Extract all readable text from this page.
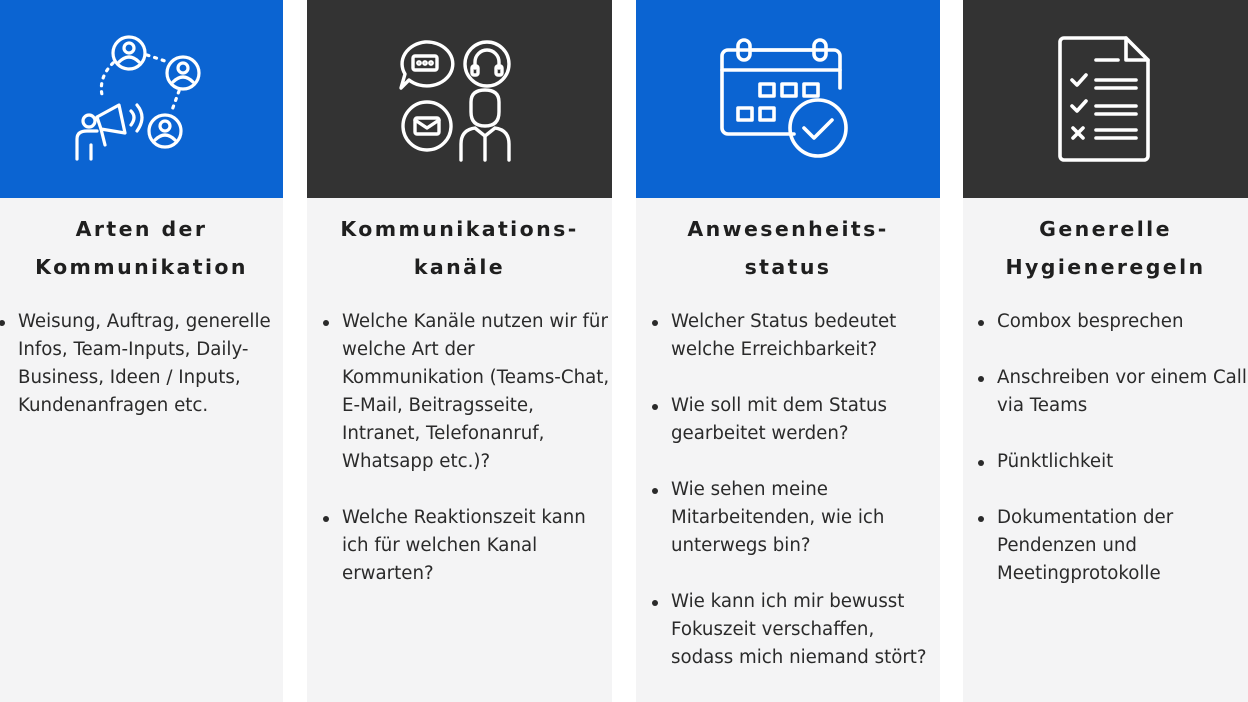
Arten der
Kommunikation
Weisung, Auftrag, generelle Infos, Team-Inputs, Daily-Business, Ideen / Inputs, Kundenanfragen etc.
Kommunikations-
kanäle
Welche Kanäle nutzen wir für welche Art der Kommunikation (Teams-Chat, E-Mail, Beitragsseite, Intranet, Telefonanruf, Whatsapp etc.)?
Welche Reaktionszeit kann ich für welchen Kanal erwarten?
Anwesenheits-
status
Welcher Status bedeutet welche Erreichbarkeit?
Wie soll mit dem Status gearbeitet werden?
Wie sehen meine Mitarbeitenden, wie ich unterwegs bin?
Wie kann ich mir bewusst Fokuszeit verschaffen, sodass mich niemand stört?
Generelle
Hygieneregeln
Combox besprechen
Anschreiben vor einem Call via Teams
Pünktlichkeit
Dokumentation der Pendenzen und Meetingprotokolle
